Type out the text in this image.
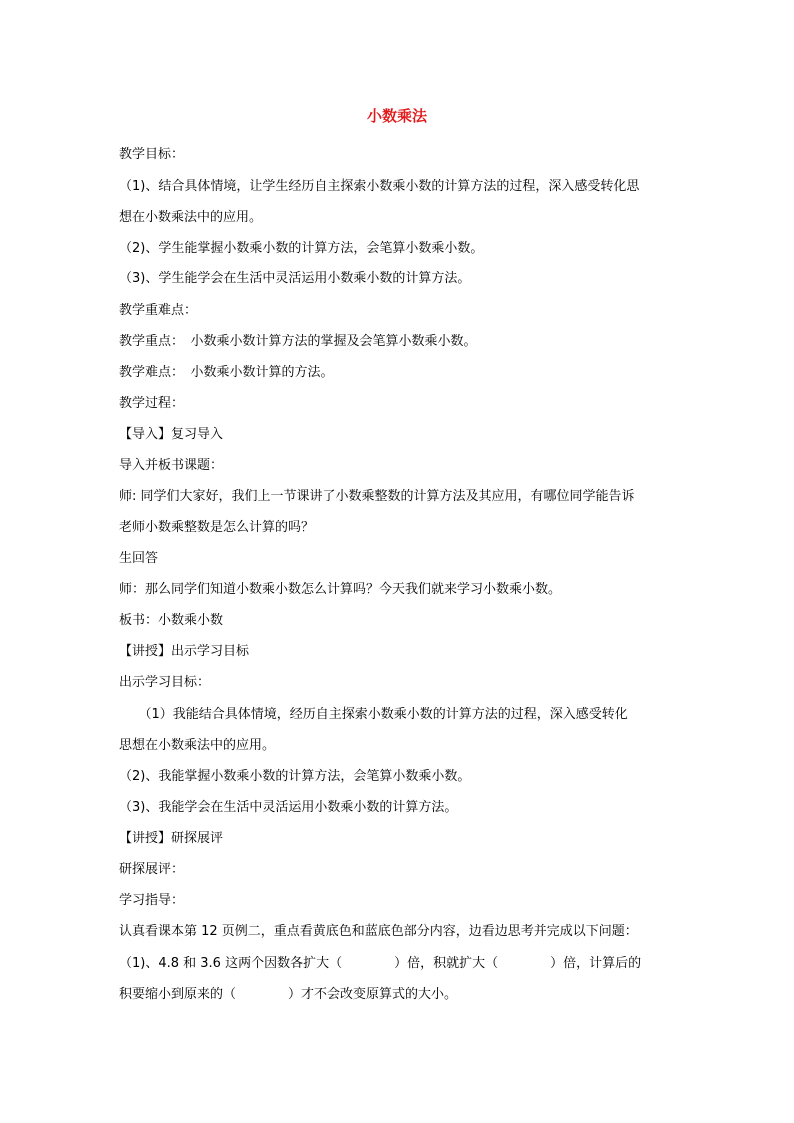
小数乘法
教学目标：
（1)、结合具体情境，让学生经历自主探索小数乘小数的计算方法的过程，深入感受转化思
想在小数乘法中的应用。
（2)、学生能掌握小数乘小数的计算方法，会笔算小数乘小数。
（3)、学生能学会在生活中灵活运用小数乘小数的计算方法。
教学重难点：
教学重点：　小数乘小数计算方法的掌握及会笔算小数乘小数。
教学难点：　小数乘小数计算的方法。
教学过程：
【导入】复习导入
导入并板书课题：
师: 同学们大家好，我们上一节课讲了小数乘整数的计算方法及其应用，有哪位同学能告诉
老师小数乘整数是怎么计算的吗？
生回答
师：那么同学们知道小数乘小数怎么计算吗？今天我们就来学习小数乘小数。
板书：小数乘小数
【讲授】出示学习目标
出示学习目标：
　　（1）我能结合具体情境，经历自主探索小数乘小数的计算方法的过程，深入感受转化
思想在小数乘法中的应用。
（2)、我能掌握小数乘小数的计算方法，会笔算小数乘小数。
（3)、我能学会在生活中灵活运用小数乘小数的计算方法。
【讲授】研探展评
研探展评：
学习指导：
认真看课本第 12 页例二，重点看黄底色和蓝底色部分内容，边看边思考并完成以下问题：
（1)、4.8 和 3.6 这两个因数各扩大（　　　　）倍，积就扩大（　　　　）倍，计算后的
积要缩小到原来的（　　　　）才不会改变原算式的大小。
